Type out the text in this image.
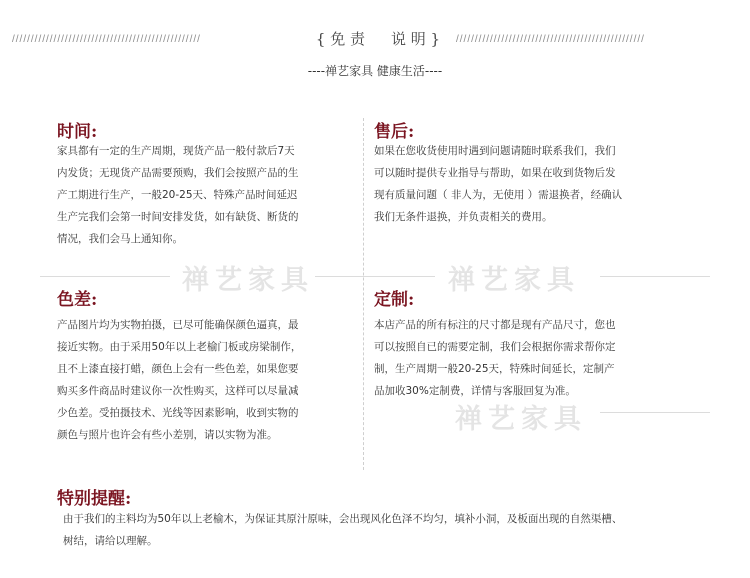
//////////////////////////////////////////////////	{ 免 责 说 明 }	//////////////////////////////////////////////////
----禅艺家具 健康生活----
禅艺家具	禅艺家具
禅艺家具
时间:

家具都有一定的生产周期，现货产品一般付款后7天

内发货；无现货产品需要预购，我们会按照产品的生

产工期进行生产，一般20-25天、特殊产品时间延迟

生产完我们会第一时间安排发货，如有缺货、断货的

情况，我们会马上通知你。

售后:

如果在您收货使用时遇到问题请随时联系我们，我们

可以随时提供专业指导与帮助，如果在收到货物后发

现有质量问题（ 非人为，无使用 ）需退换者，经确认

我们无条件退换，并负责相关的费用。

色差:

产品图片均为实物拍摄，已尽可能确保颜色逼真，最

接近实物。由于采用50年以上老榆门板或房梁制作，

且不上漆直接打蜡，颜色上会有一些色差，如果您要

购买多件商品时建议你一次性购买，这样可以尽量减

少色差。受拍摄技术、光线等因素影响，收到实物的

颜色与照片也许会有些小差别，请以实物为准。

定制:

本店产品的所有标注的尺寸都是现有产品尺寸，您也

可以按照自已的需要定制，我们会根据你需求帮你定

制，生产周期一般20-25天，特殊时间延长，定制产

品加收30%定制费，详情与客服回复为准。

特别提醒:

由于我们的主料均为50年以上老榆木，为保证其原汁原味，会出现风化色泽不均匀，填补小洞，及板面出现的自然渠槽、

树结，请给以理解。
